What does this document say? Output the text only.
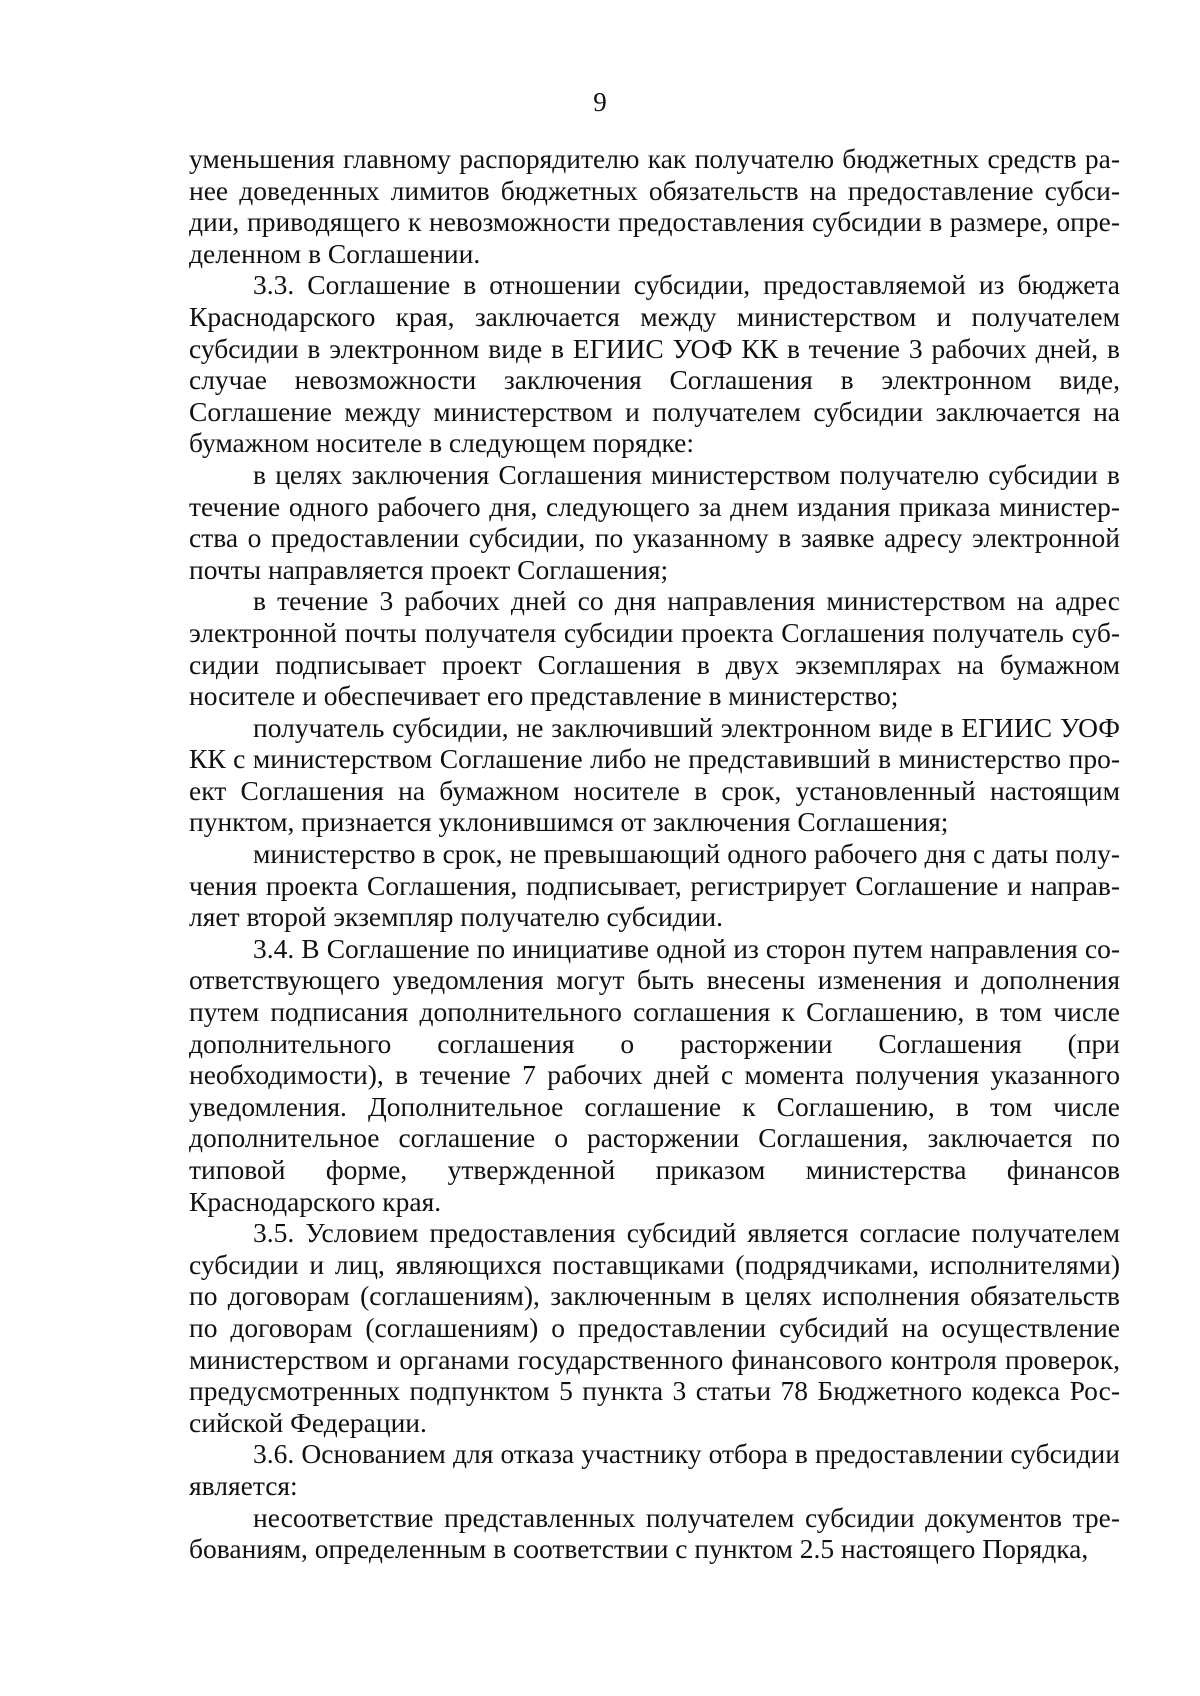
9

уменьшения главному распорядителю как получателю бюджетных средств ранее доведенных лимитов бюджетных обязательств на предоставление субсидии, приводящего к невозможности предоставления субсидии в размере, определенном в Соглашении.

3.3. Соглашение в отношении субсидии, предоставляемой из бюджета Краснодарского края, заключается между министерством и получателем субсидии в электронном виде в ЕГИИС УОФ КК в течение 3 рабочих дней, в случае невозможности заключения Соглашения в электронном виде, Соглашение между министерством и получателем субсидии заключается на бумажном носителе в следующем порядке:

в целях заключения Соглашения министерством получателю субсидии в течение одного рабочего дня, следующего за днем издания приказа министерства о предоставлении субсидии, по указанному в заявке адресу электронной почты направляется проект Соглашения;

в течение 3 рабочих дней со дня направления министерством на адрес электронной почты получателя субсидии проекта Соглашения получатель субсидии подписывает проект Соглашения в двух экземплярах на бумажном носителе и обеспечивает его представление в министерство;

получатель субсидии, не заключивший электронном виде в ЕГИИС УОФ КК с министерством Соглашение либо не представивший в министерство проект Соглашения на бумажном носителе в срок, установленный настоящим пунктом, признается уклонившимся от заключения Соглашения;

министерство в срок, не превышающий одного рабочего дня с даты получения проекта Соглашения, подписывает, регистрирует Соглашение и направляет второй экземпляр получателю субсидии.

3.4. В Соглашение по инициативе одной из сторон путем направления соответствующего уведомления могут быть внесены изменения и дополнения путем подписания дополнительного соглашения к Соглашению, в том числе дополнительного соглашения о расторжении Соглашения (при необходимости), в течение 7 рабочих дней с момента получения указанного уведомления. Дополнительное соглашение к Соглашению, в том числе дополнительное соглашение о расторжении Соглашения, заключается по типовой форме, утвержденной приказом министерства финансов Краснодарского края.

3.5. Условием предоставления субсидий является согласие получателем субсидии и лиц, являющихся поставщиками (подрядчиками, исполнителями) по договорам (соглашениям), заключенным в целях исполнения обязательств по договорам (соглашениям) о предоставлении субсидий на осуществление министерством и органами государственного финансового контроля проверок, предусмотренных подпунктом 5 пункта 3 статьи 78 Бюджетного кодекса Российской Федерации.

3.6. Основанием для отказа участнику отбора в предоставлении субсидии является:

несоответствие представленных получателем субсидии документов требованиям, определенным в соответствии с пунктом 2.5 настоящего Порядка,
